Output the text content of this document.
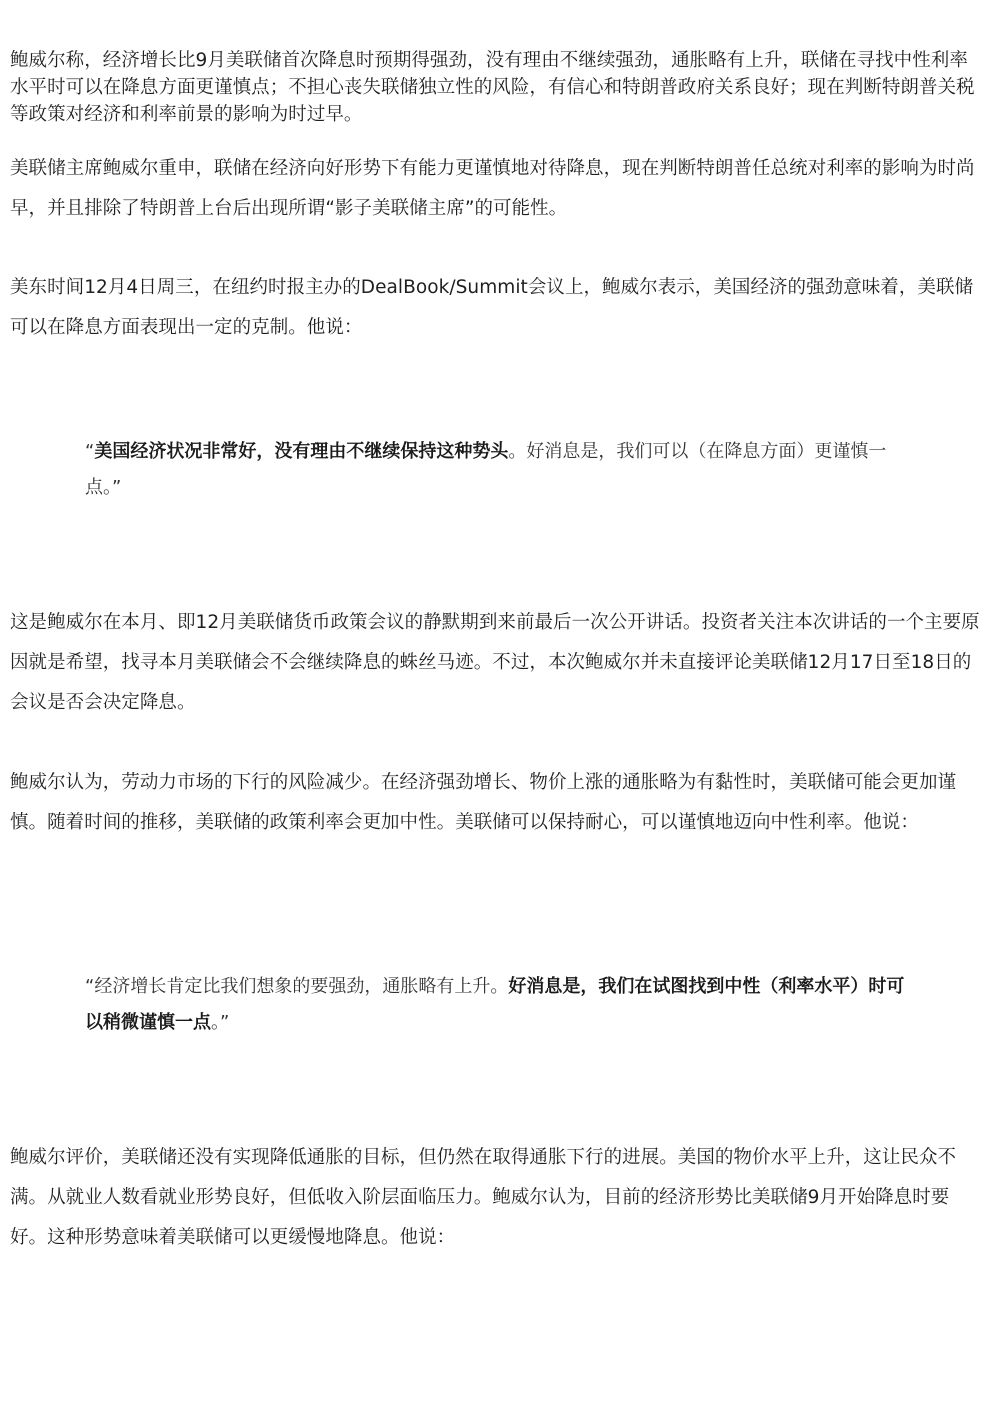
鲍威尔称，经济增长比9月美联储首次降息时预期得强劲，没有理由不继续强劲，通胀略有上升，联储在寻找中性利率水平时可以在降息方面更谨慎点；不担心丧失联储独立性的风险，有信心和特朗普政府关系良好；现在判断特朗普关税等政策对经济和利率前景的影响为时过早。

美联储主席鲍威尔重申，联储在经济向好形势下有能力更谨慎地对待降息，现在判断特朗普任总统对利率的影响为时尚早，并且排除了特朗普上台后出现所谓“影子美联储主席”的可能性。

美东时间12月4日周三，在纽约时报主办的DealBook/Summit会议上，鲍威尔表示，美国经济的强劲意味着，美联储可以在降息方面表现出一定的克制。他说：

“美国经济状况非常好，没有理由不继续保持这种势头。好消息是，我们可以（在降息方面）更谨慎一点。”

这是鲍威尔在本月、即12月美联储货币政策会议的静默期到来前最后一次公开讲话。投资者关注本次讲话的一个主要原因就是希望，找寻本月美联储会不会继续降息的蛛丝马迹。不过，本次鲍威尔并未直接评论美联储12月17日至18日的会议是否会决定降息。

鲍威尔认为，劳动力市场的下行的风险减少。在经济强劲增长、物价上涨的通胀略为有黏性时，美联储可能会更加谨慎。随着时间的推移，美联储的政策利率会更加中性。美联储可以保持耐心，可以谨慎地迈向中性利率。他说：

“经济增长肯定比我们想象的要强劲，通胀略有上升。好消息是，我们在试图找到中性（利率水平）时可以稍微谨慎一点。”

鲍威尔评价，美联储还没有实现降低通胀的目标，但仍然在取得通胀下行的进展。美国的物价水平上升，这让民众不满。从就业人数看就业形势良好，但低收入阶层面临压力。鲍威尔认为，目前的经济形势比美联储9月开始降息时要好。这种形势意味着美联储可以更缓慢地降息。他说：
